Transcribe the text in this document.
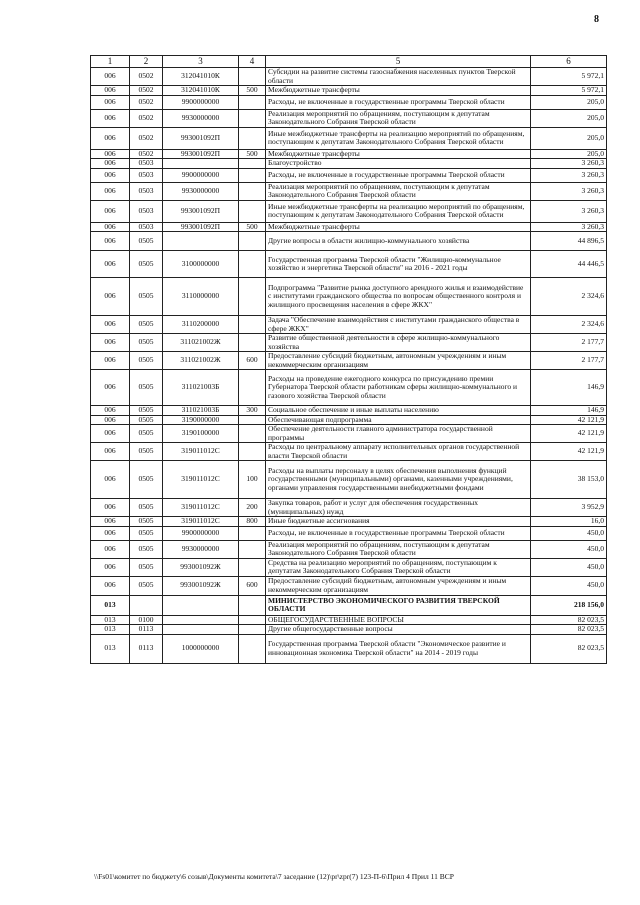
8
1	2	3	4	5	6
006	0502	312041010К		Субсидии на развитие системы газоснабжения населенных пунктов Тверской области	5 972,1
006	0502	312041010К	500	Межбюджетные трансферты	5 972,1
006	0502	9900000000		Расходы, не включенные в государственные программы Тверской области	205,0
006	0502	9930000000		Реализация мероприятий по обращениям, поступающим к депутатам Законодательного Собрания Тверской области	205,0
006	0502	993001092П		Иные межбюджетные трансферты на реализацию мероприятий по обращениям, поступающим к депутатам Законодательного Собрания Тверской области	205,0
006	0502	993001092П	500	Межбюджетные трансферты	205,0
006	0503			Благоустройство	3 260,3
006	0503	9900000000		Расходы, не включенные в государственные программы Тверской области	3 260,3
006	0503	9930000000		Реализация мероприятий по обращениям, поступающим к депутатам Законодательного Собрания Тверской области	3 260,3
006	0503	993001092П		Иные межбюджетные трансферты на реализацию мероприятий по обращениям, поступающим к депутатам Законодательного Собрания Тверской области	3 260,3
006	0503	993001092П	500	Межбюджетные трансферты	3 260,3
006	0505			Другие вопросы в области жилищно-коммунального хозяйства	44 896,5
006	0505	3100000000		Государственная программа Тверской области "Жилищно-коммунальное хозяйство и энергетика Тверской области" на 2016 - 2021 годы	44 446,5
006	0505	3110000000		Подпрограмма "Развитие рынка доступного арендного жилья и взаимодействие с институтами гражданского общества по вопросам общественного контроля и жилищного просвещения населения в сфере ЖКХ"	2 324,6
006	0505	3110200000		Задача "Обеспечение взаимодействия с институтами гражданского общества в сфере ЖКХ"	2 324,6
006	0505	311021002Ж		Развитие общественной деятельности в сфере жилищно-коммунального хозяйства	2 177,7
006	0505	311021002Ж	600	Предоставление субсидий бюджетным, автономным учреждениям и иным некоммерческим организациям	2 177,7
006	0505	311021003Б		Расходы на проведение ежегодного конкурса по присуждению премии Губернатора Тверской области работникам сферы жилищно-коммунального и газового хозяйства Тверской области	146,9
006	0505	311021003Б	300	Социальное обеспечение и иные выплаты населению	146,9
006	0505	3190000000		Обеспечивающая подпрограмма	42 121,9
006	0505	3190100000		Обеспечение деятельности главного администратора государственной программы	42 121,9
006	0505	319011012С		Расходы по центральному аппарату исполнительных органов государственной власти Тверской области	42 121,9
006	0505	319011012С	100	Расходы на выплаты персоналу в целях обеспечения выполнения функций государственными (муниципальными) органами, казенными учреждениями, органами управления государственными внебюджетными фондами	38 153,0
006	0505	319011012С	200	Закупка товаров, работ и услуг для обеспечения государственных (муниципальных) нужд	3 952,9
006	0505	319011012С	800	Иные бюджетные ассигнования	16,0
006	0505	9900000000		Расходы, не включенные в государственные программы Тверской области	450,0
006	0505	9930000000		Реализация мероприятий по обращениям, поступающим к депутатам Законодательного Собрания Тверской области	450,0
006	0505	993001092Ж		Средства на реализацию мероприятий по обращениям, поступающим к депутатам Законодательного Собрания Тверской области	450,0
006	0505	993001092Ж	600	Предоставление субсидий бюджетным, автономным учреждениям и иным некоммерческим организациям	450,0
013				МИНИСТЕРСТВО ЭКОНОМИЧЕСКОГО РАЗВИТИЯ ТВЕРСКОЙ ОБЛАСТИ	218 156,0
013	0100			ОБЩЕГОСУДАРСТВЕННЫЕ ВОПРОСЫ	82 023,5
013	0113			Другие общегосударственные вопросы	82 023,5
013	0113	1000000000		Государственная программа Тверской области "Экономическое развитие и инновационная экономика Тверской области" на 2014 - 2019 годы	82 023,5
\\Fs01\комитет по бюджету\6 созыв\Документы комитета\7 заседание (12)\pr\zpr(7) 123-П-6\Прил 4 Прил 11 ВСР
